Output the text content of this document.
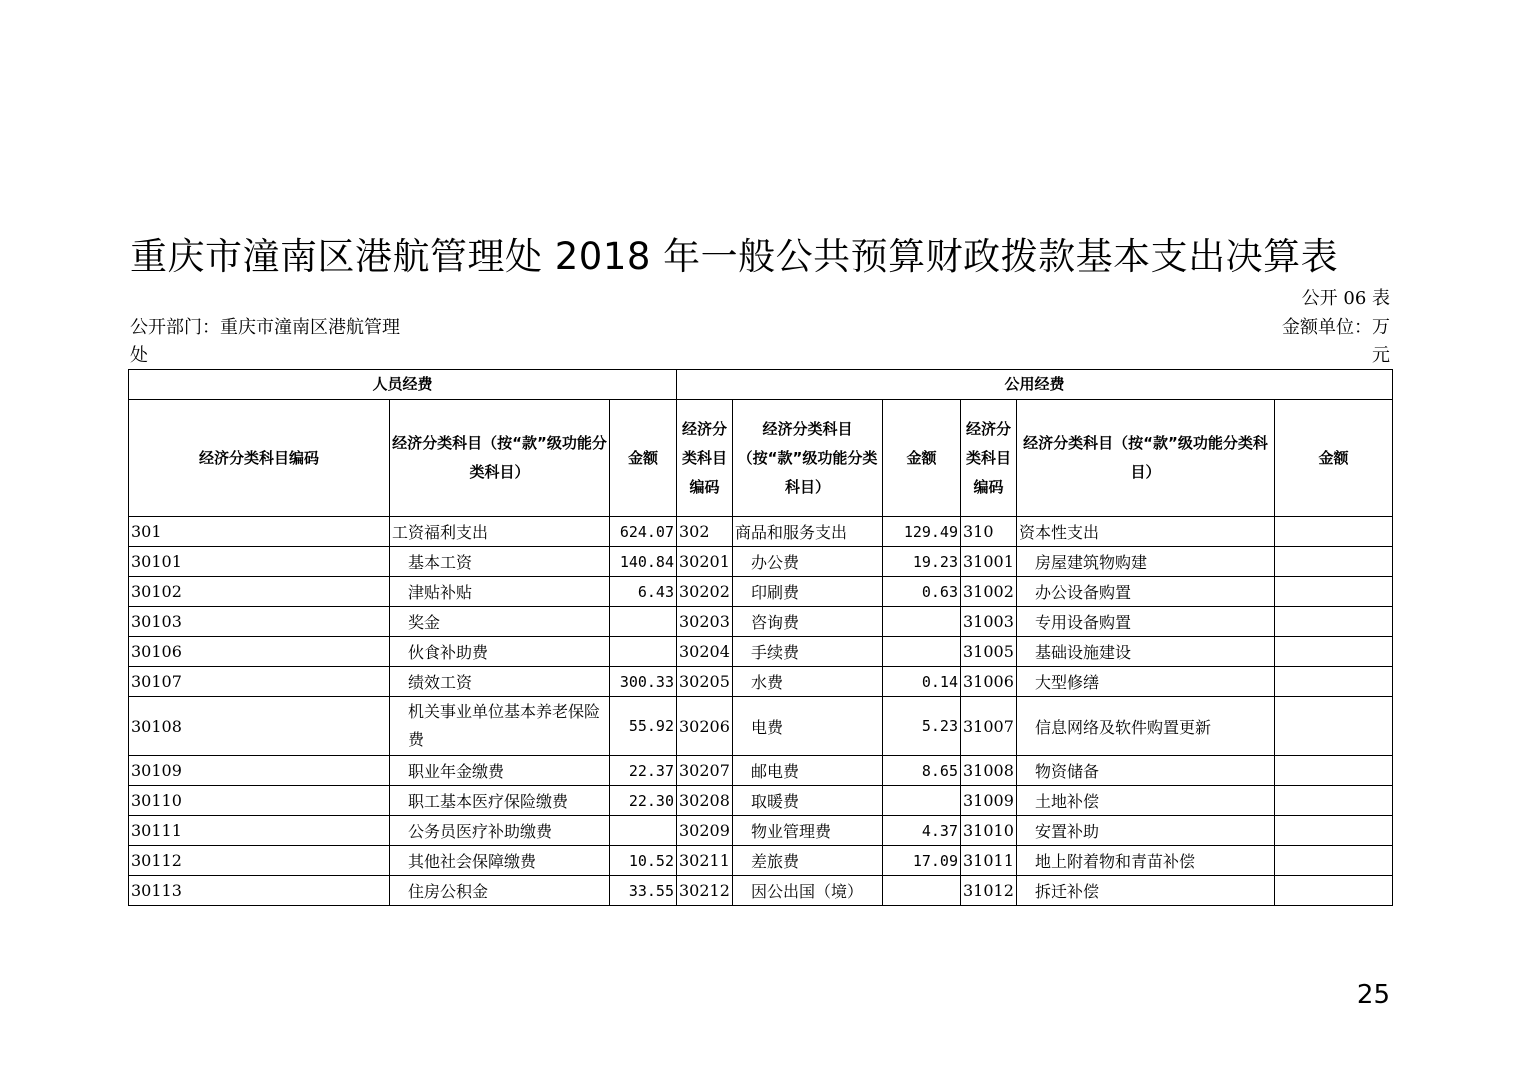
重庆市潼南区港航管理处 2018 年一般公共预算财政拨款基本支出决算表
公开 06 表
公开部门：重庆市潼南区港航管理处
金额单位：万元
人员经费			公用经费					
经济分类科目编码	经济分类科目（按“款”级功能分类科目）	金额	经济分类科目编码	经济分类科目（按“款”级功能分类科目）	金额	经济分类科目编码	经济分类科目（按“款”级功能分类科目）	金额
301	工资福利支出	624.07	302	商品和服务支出	129.49	310	资本性支出	
30101	基本工资	140.84	30201	办公费	19.23	31001	房屋建筑物购建	
30102	津贴补贴	6.43	30202	印刷费	0.63	31002	办公设备购置	
30103	奖金		30203	咨询费		31003	专用设备购置	
30106	伙食补助费		30204	手续费		31005	基础设施建设	
30107	绩效工资	300.33	30205	水费	0.14	31006	大型修缮	
30108	机关事业单位基本养老保险费	55.92	30206	电费	5.23	31007	信息网络及软件购置更新	
30109	职业年金缴费	22.37	30207	邮电费	8.65	31008	物资储备	
30110	职工基本医疗保险缴费	22.30	30208	取暖费		31009	土地补偿	
30111	公务员医疗补助缴费		30209	物业管理费	4.37	31010	安置补助	
30112	其他社会保障缴费	10.52	30211	差旅费	17.09	31011	地上附着物和青苗补偿	
30113	住房公积金	33.55	30212	因公出国（境）		31012	拆迁补偿	
25
